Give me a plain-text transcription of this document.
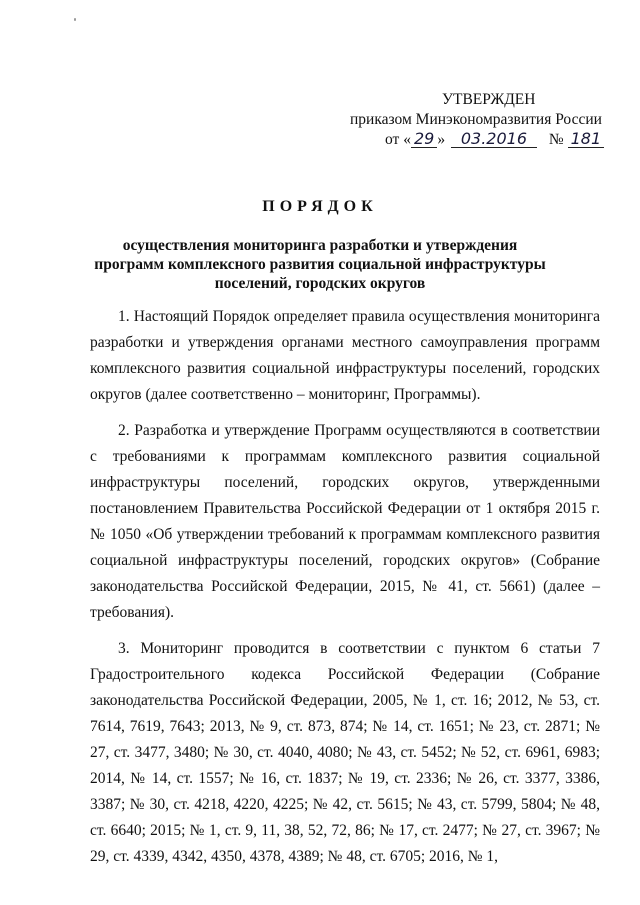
УТВЕРЖДЕН
приказом Минэкономразвития России
от « 29 » 03.2016 № 181
ПОРЯДОК
осуществления мониторинга разработки и утверждения программ комплексного развития социальной инфраструктуры поселений, городских округов

1. Настоящий Порядок определяет правила осуществления мониторинга разработки и утверждения органами местного самоуправления программ комплексного развития социальной инфраструктуры поселений, городских округов (далее соответственно – мониторинг, Программы).

2. Разработка и утверждение Программ осуществляются в соответствии с требованиями к программам комплексного развития социальной инфраструктуры поселений, городских округов, утвержденными постановлением Правительства Российской Федерации от 1 октября 2015 г. № 1050 «Об утверждении требований к программам комплексного развития социальной инфраструктуры поселений, городских округов» (Собрание законодательства Российской Федерации, 2015, № 41, ст. 5661) (далее – требования).

3. Мониторинг проводится в соответствии с пунктом 6 статьи 7 Градостроительного кодекса Российской Федерации (Собрание законодательства Российской Федерации, 2005, № 1, ст. 16; 2012, № 53, ст. 7614, 7619, 7643; 2013, № 9, ст. 873, 874; № 14, ст. 1651; № 23, ст. 2871; № 27, ст. 3477, 3480; № 30, ст. 4040, 4080; № 43, ст. 5452; № 52, ст. 6961, 6983; 2014, № 14, ст. 1557; № 16, ст. 1837; № 19, ст. 2336; № 26, ст. 3377, 3386, 3387; № 30, ст. 4218, 4220, 4225; № 42, ст. 5615; № 43, ст. 5799, 5804; № 48, ст. 6640; 2015; № 1, ст. 9, 11, 38, 52, 72, 86; № 17, ст. 2477; № 27, ст. 3967; № 29, ст. 4339, 4342, 4350, 4378, 4389; № 48, ст. 6705; 2016, № 1,
